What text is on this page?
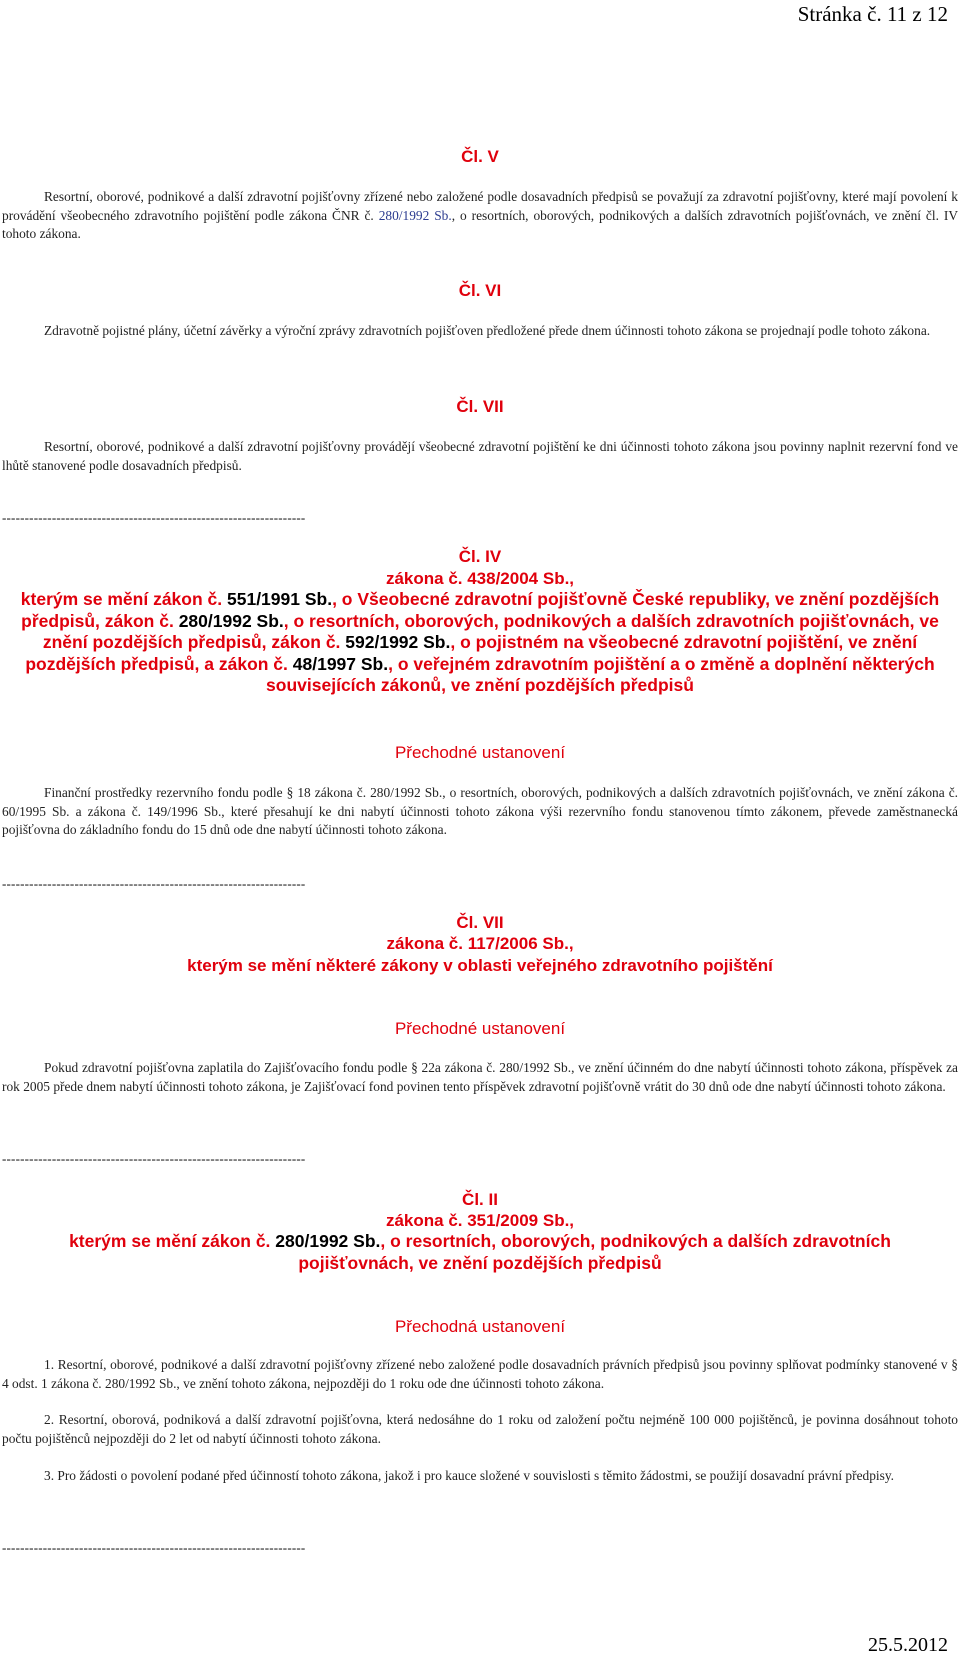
Stránka č. 11 z 12
Čl. V
Resortní, oborové, podnikové a další zdravotní pojišťovny zřízené nebo založené podle dosavadních předpisů se považují za zdravotní pojišťovny, které mají povolení k provádění všeobecného zdravotního pojištění podle zákona ČNR č. 280/1992 Sb., o resortních, oborových, podnikových a dalších zdravotních pojišťovnách, ve znění čl. IV tohoto zákona.
Čl. VI
Zdravotně pojistné plány, účetní závěrky a výroční zprávy zdravotních pojišťoven předložené přede dnem účinnosti tohoto zákona se projednají podle tohoto zákona.
Čl. VII
Resortní, oborové, podnikové a další zdravotní pojišťovny provádějí všeobecné zdravotní pojištění ke dni účinnosti tohoto zákona jsou povinny naplnit rezervní fond ve lhůtě stanovené podle dosavadních předpisů.
-------------------------------------------------------------------
Čl. IV
zákona č. 438/2004 Sb.,
kterým se mění zákon č. 551/1991 Sb., o Všeobecné zdravotní pojišťovně České republiky, ve znění pozdějších předpisů, zákon č. 280/1992 Sb., o resortních, oborových, podnikových a dalších zdravotních pojišťovnách, ve znění pozdějších předpisů, zákon č. 592/1992 Sb., o pojistném na všeobecné zdravotní pojištění, ve znění pozdějších předpisů, a zákon č. 48/1997 Sb., o veřejném zdravotním pojištění a o změně a doplnění některých souvisejících zákonů, ve znění pozdějších předpisů
Přechodné ustanovení
Finanční prostředky rezervního fondu podle § 18 zákona č. 280/1992 Sb., o resortních, oborových, podnikových a dalších zdravotních pojišťovnách, ve znění zákona č. 60/1995 Sb. a zákona č. 149/1996 Sb., které přesahují ke dni nabytí účinnosti tohoto zákona výši rezervního fondu stanovenou tímto zákonem, převede zaměstnanecká pojišťovna do základního fondu do 15 dnů ode dne nabytí účinnosti tohoto zákona.
-------------------------------------------------------------------
Čl. VII
zákona č. 117/2006 Sb.,
kterým se mění některé zákony v oblasti veřejného zdravotního pojištění
Přechodné ustanovení
Pokud zdravotní pojišťovna zaplatila do Zajišťovacího fondu podle § 22a zákona č. 280/1992 Sb., ve znění účinném do dne nabytí účinnosti tohoto zákona, příspěvek za rok 2005 přede dnem nabytí účinnosti tohoto zákona, je Zajišťovací fond povinen tento příspěvek zdravotní pojišťovně vrátit do 30 dnů ode dne nabytí účinnosti tohoto zákona.
-------------------------------------------------------------------
Čl. II
zákona č. 351/2009 Sb.,
kterým se mění zákon č. 280/1992 Sb., o resortních, oborových, podnikových a dalších zdravotních pojišťovnách, ve znění pozdějších předpisů
Přechodná ustanovení
1. Resortní, oborové, podnikové a další zdravotní pojišťovny zřízené nebo založené podle dosavadních právních předpisů jsou povinny splňovat podmínky stanovené v § 4 odst. 1 zákona č. 280/1992 Sb., ve znění tohoto zákona, nejpozději do 1 roku ode dne účinnosti tohoto zákona.
2. Resortní, oborová, podniková a další zdravotní pojišťovna, která nedosáhne do 1 roku od založení počtu nejméně 100 000 pojištěnců, je povinna dosáhnout tohoto počtu pojištěnců nejpozději do 2 let od nabytí účinnosti tohoto zákona.
3. Pro žádosti o povolení podané před účinností tohoto zákona, jakož i pro kauce složené v souvislosti s těmito žádostmi, se použijí dosavadní právní předpisy.
-------------------------------------------------------------------
25.5.2012
